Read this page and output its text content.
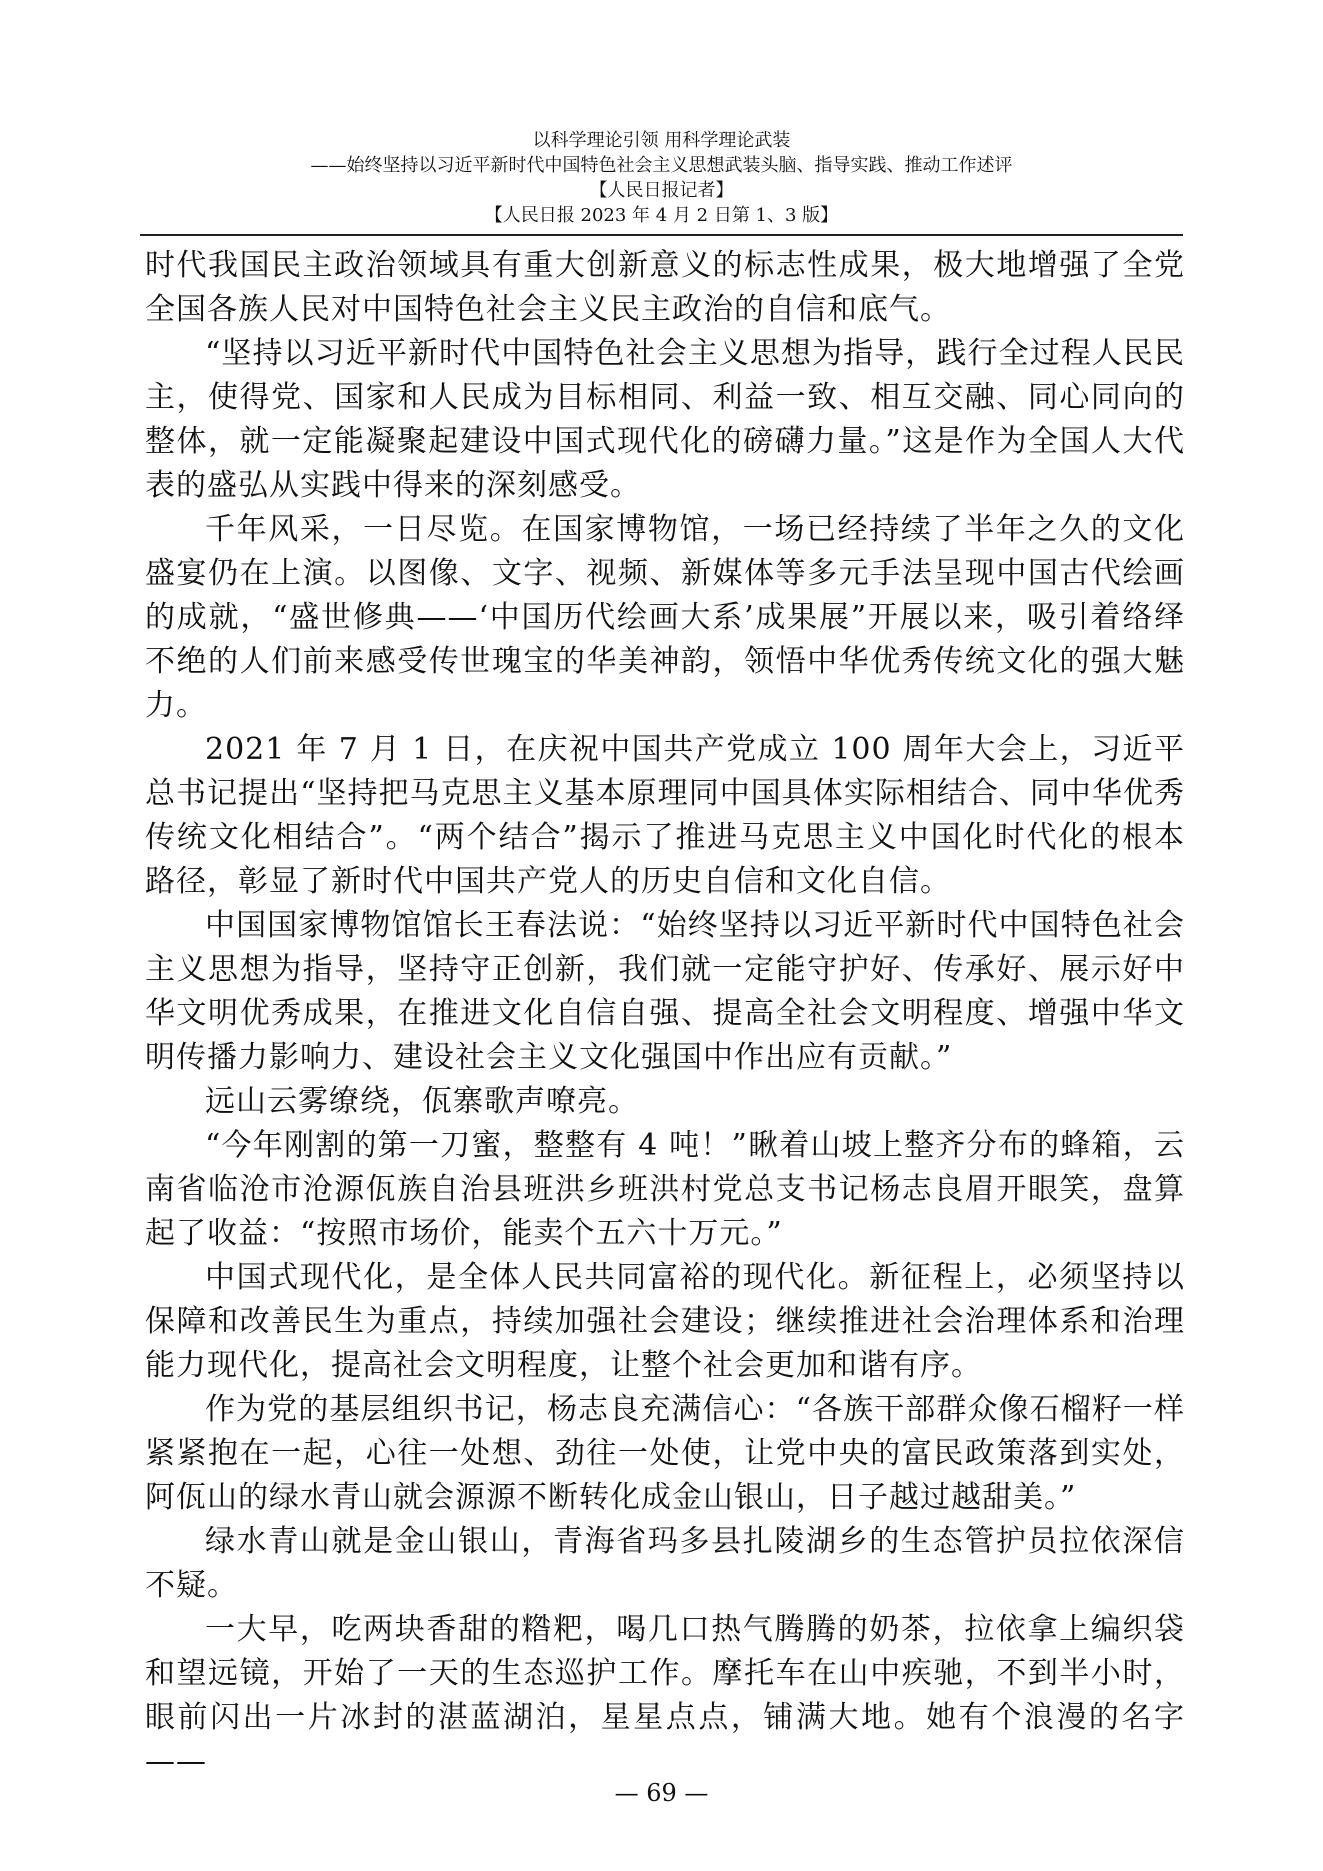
以科学理论引领 用科学理论武装
——始终坚持以习近平新时代中国特色社会主义思想武装头脑、指导实践、推动工作述评
【人民日报记者】
【人民日报 2023 年 4 月 2 日第 1、3 版】

时代我国民主政治领域具有重大创新意义的标志性成果，极大地增强了全党全国各族人民对中国特色社会主义民主政治的自信和底气。

“坚持以习近平新时代中国特色社会主义思想为指导，践行全过程人民民主，使得党、国家和人民成为目标相同、利益一致、相互交融、同心同向的整体，就一定能凝聚起建设中国式现代化的磅礴力量。”这是作为全国人大代表的盛弘从实践中得来的深刻感受。

千年风采，一日尽览。在国家博物馆，一场已经持续了半年之久的文化盛宴仍在上演。以图像、文字、视频、新媒体等多元手法呈现中国古代绘画的成就，“盛世修典——‘中国历代绘画大系’成果展”开展以来，吸引着络绎不绝的人们前来感受传世瑰宝的华美神韵，领悟中华优秀传统文化的强大魅力。

2021 年 7 月 1 日，在庆祝中国共产党成立 100 周年大会上，习近平总书记提出“坚持把马克思主义基本原理同中国具体实际相结合、同中华优秀传统文化相结合”。“两个结合”揭示了推进马克思主义中国化时代化的根本路径，彰显了新时代中国共产党人的历史自信和文化自信。

中国国家博物馆馆长王春法说：“始终坚持以习近平新时代中国特色社会主义思想为指导，坚持守正创新，我们就一定能守护好、传承好、展示好中华文明优秀成果，在推进文化自信自强、提高全社会文明程度、增强中华文明传播力影响力、建设社会主义文化强国中作出应有贡献。”

远山云雾缭绕，佤寨歌声嘹亮。

“今年刚割的第一刀蜜，整整有 4 吨！”瞅着山坡上整齐分布的蜂箱，云南省临沧市沧源佤族自治县班洪乡班洪村党总支书记杨志良眉开眼笑，盘算起了收益：“按照市场价，能卖个五六十万元。”

中国式现代化，是全体人民共同富裕的现代化。新征程上，必须坚持以保障和改善民生为重点，持续加强社会建设；继续推进社会治理体系和治理能力现代化，提高社会文明程度，让整个社会更加和谐有序。

作为党的基层组织书记，杨志良充满信心：“各族干部群众像石榴籽一样紧紧抱在一起，心往一处想、劲往一处使，让党中央的富民政策落到实处，阿佤山的绿水青山就会源源不断转化成金山银山，日子越过越甜美。”

绿水青山就是金山银山，青海省玛多县扎陵湖乡的生态管护员拉依深信不疑。

一大早，吃两块香甜的糌粑，喝几口热气腾腾的奶茶，拉依拿上编织袋和望远镜，开始了一天的生态巡护工作。摩托车在山中疾驰，不到半小时，眼前闪出一片冰封的湛蓝湖泊，星星点点，铺满大地。她有个浪漫的名字——

— 69 —
